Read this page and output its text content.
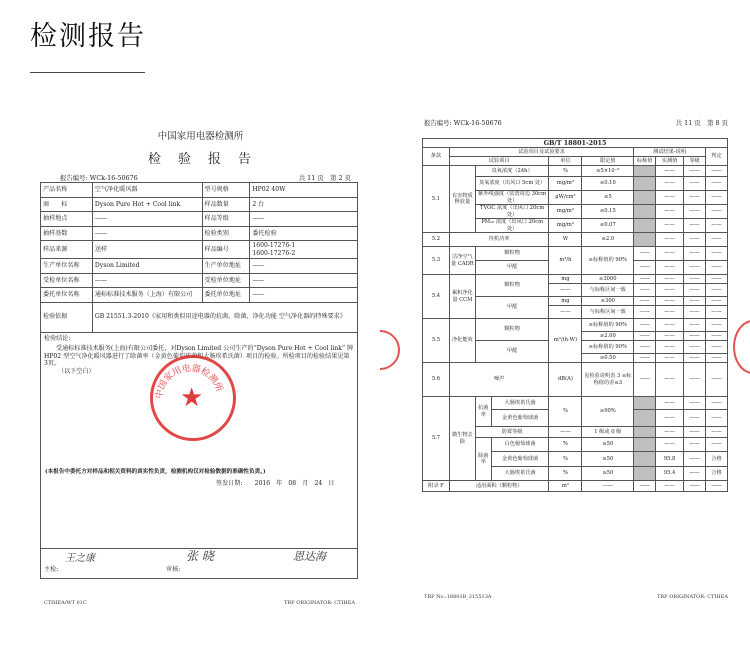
检测报告
中国家用电器检测所
检　验　报　告
报告编号: WCk-16-50676	共 11 页　第 2 页
产品名称	空气净化暖风器	型号规格	HP02 40W
商　　标	Dyson Pure Hot + Cool link	样品数量	2 台
抽样地点	——	样品等级	——
抽样基数	——	检验类别	委托检验
样品来源	送样	样品编号	1600-17276-1
1600-17276-2
生产单位名称	Dyson Limited	生产单位地址	——
受检单位名称	——	受检单位地址	——
委托单位名称	通标标准技术服务（上海）有限公司	委托单位地址	——
检验依据	GB 21551.3-2010《家用和类似用途电器的抗菌、除菌、净化功能 空气净化器的特殊要求》		

检验结论:
受通标标准技术服务(上海)有限公司委托，对Dyson Limited 公司生产的“Dyson Pure Hot + Cool link” 牌 HP02 型空气净化暖风器进行了除菌率（金黄色葡萄球菌和大肠埃希氏菌）项目的检验。所检项目的检验结果见第 3页。
（以下空白）
(本报告中委托方对样品和相关资料的真实性负责，检测机构仅对检验数据的准确性负责。)
签发日期:　　2016　年　08　月　24　日			

主检:
王之康
审核:
张 晓 恩达海			
★
中国家用电器检测所
CTIHEA/WT 01C	TRF ORIGINATOR: CTIHEA
报告编号: WCk-16-50676	共 11 页　第 8 页
GB/T 18801-2015									
条款	试验项目及试验要求					测试结果-说明			判定
	试验项目			单位	限定值	标称值	实测值	等级	
5.1	有害物质释放量	臭氧浓度（24h）		%	≤5×10⁻⁶		——	——	——
		臭氧浓度（出风口 5cm 处）		mg/m³	≤0.10		——	——	——
		紫外线强度（装置周边 30cm 处）		μW/cm²	≤5		——	——	——
		TVOC 浓度（出风口 20cm 处）		mg/m³	≤0.15		——	——	——
		PM₁₀ 浓度（出风口 20cm 处）		mg/m³	≤0.07		——	——	——
5.2	待机功率			W	≤2.0		——	——	——
5.3	洁净空气量 CADR	颗粒物		m³/h	≥标称值的 90%	——	——	——	——
		甲醛				——	——	——	——
5.4	累积净化量 CCM	颗粒物		mg	≥3000	——	——	——	——
				——	与标称区间一致	——	——	——	——
		甲醛		mg	≥300	——	——	——	——
				——	与标称区间一致	——	——	——	——
5.5	净化能效	颗粒物		m³/(h·W)	≥标称值的 90%	——	——	——	——
					≥2.00	——	——	——	——
		甲醛			≥标称值的 90%	——	——	——	——
					≥0.50	——	——	——	——
5.6	噪声			dB(A)	见检验说明表 3 ≤标称值的差≤3	——	——	——	——
5.7	微生物去除	抗菌率	大肠埃希氏菌	%	≥90%		——	——	——
			金黄色葡萄球菌				——	——	——
		防霉等级		——	1 级或 0 级		——	——	——
		除菌率	白色葡萄球菌	%	≥50		——	——	——
			金黄色葡萄球菌	%	≥50		95.8	——	合格
			大肠埃希氏菌	%	≥50		95.4	——	合格
附录 F	适用面积（颗粒物）			m²	——	——	——	——	——
TRF No.:18801B_215513A	TRF ORIGINATOR: CTIHEA
